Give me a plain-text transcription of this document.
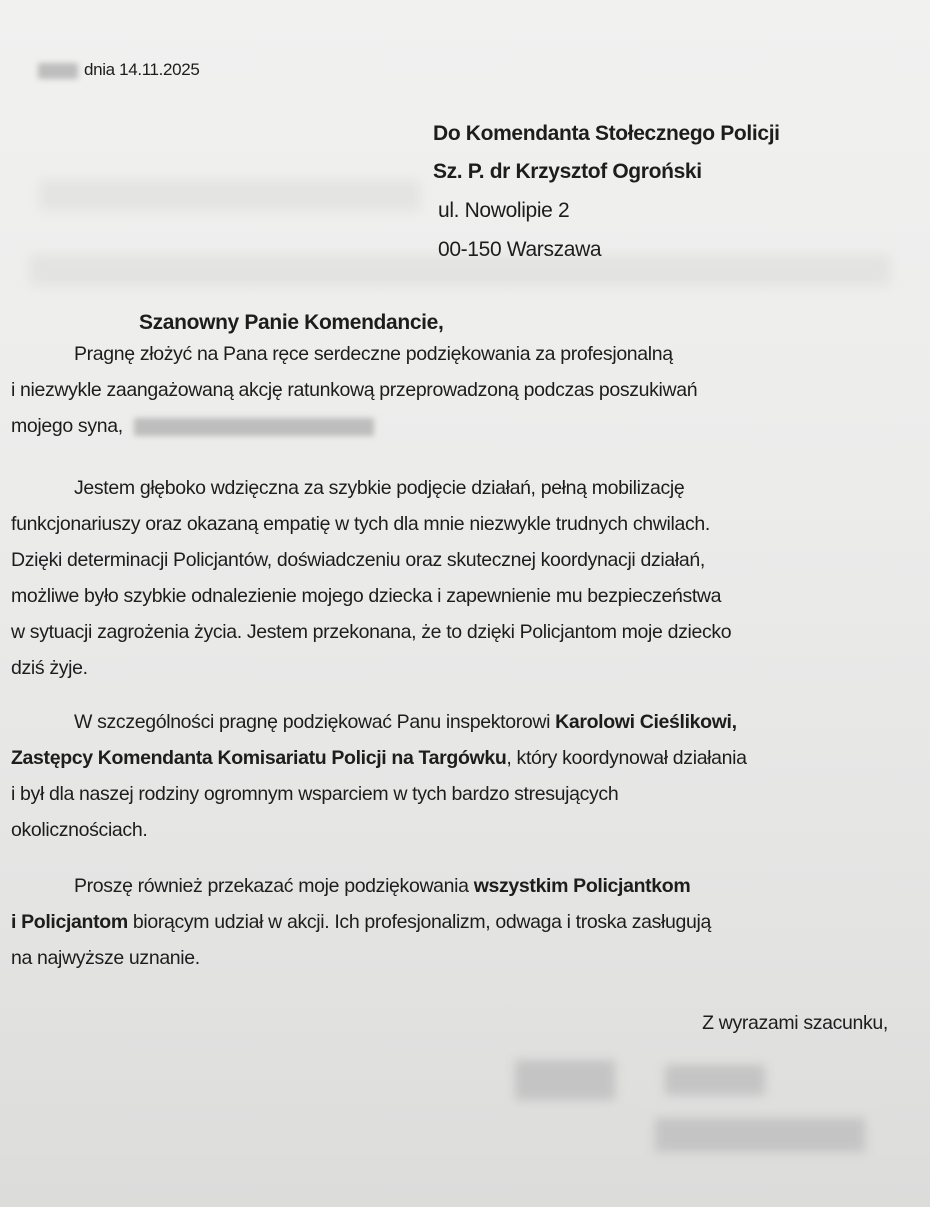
dnia 14.11.2025
Do Komendanta Stołecznego Policji
Sz. P. dr Krzysztof Ogroński
ul. Nowolipie 2
00-150 Warszawa
Szanowny Panie Komendancie,
Pragnę złożyć na Pana ręce serdeczne podziękowania za profesjonalną
i niezwykle zaangażowaną akcję ratunkową przeprowadzoną podczas poszukiwań
mojego syna,
Jestem głęboko wdzięczna za szybkie podjęcie działań, pełną mobilizację
funkcjonariuszy oraz okazaną empatię w tych dla mnie niezwykle trudnych chwilach.
Dzięki determinacji Policjantów, doświadczeniu oraz skutecznej koordynacji działań,
możliwe było szybkie odnalezienie mojego dziecka i zapewnienie mu bezpieczeństwa
w sytuacji zagrożenia życia. Jestem przekonana, że to dzięki Policjantom moje dziecko
dziś żyje.
W szczególności pragnę podziękować Panu inspektorowi Karolowi Cieślikowi,
Zastępcy Komendanta Komisariatu Policji na Targówku, który koordynował działania
i był dla naszej rodziny ogromnym wsparciem w tych bardzo stresujących
okolicznościach.
Proszę również przekazać moje podziękowania wszystkim Policjantkom
i Policjantom biorącym udział w akcji. Ich profesjonalizm, odwaga i troska zasługują
na najwyższe uznanie.
Z wyrazami szacunku,
